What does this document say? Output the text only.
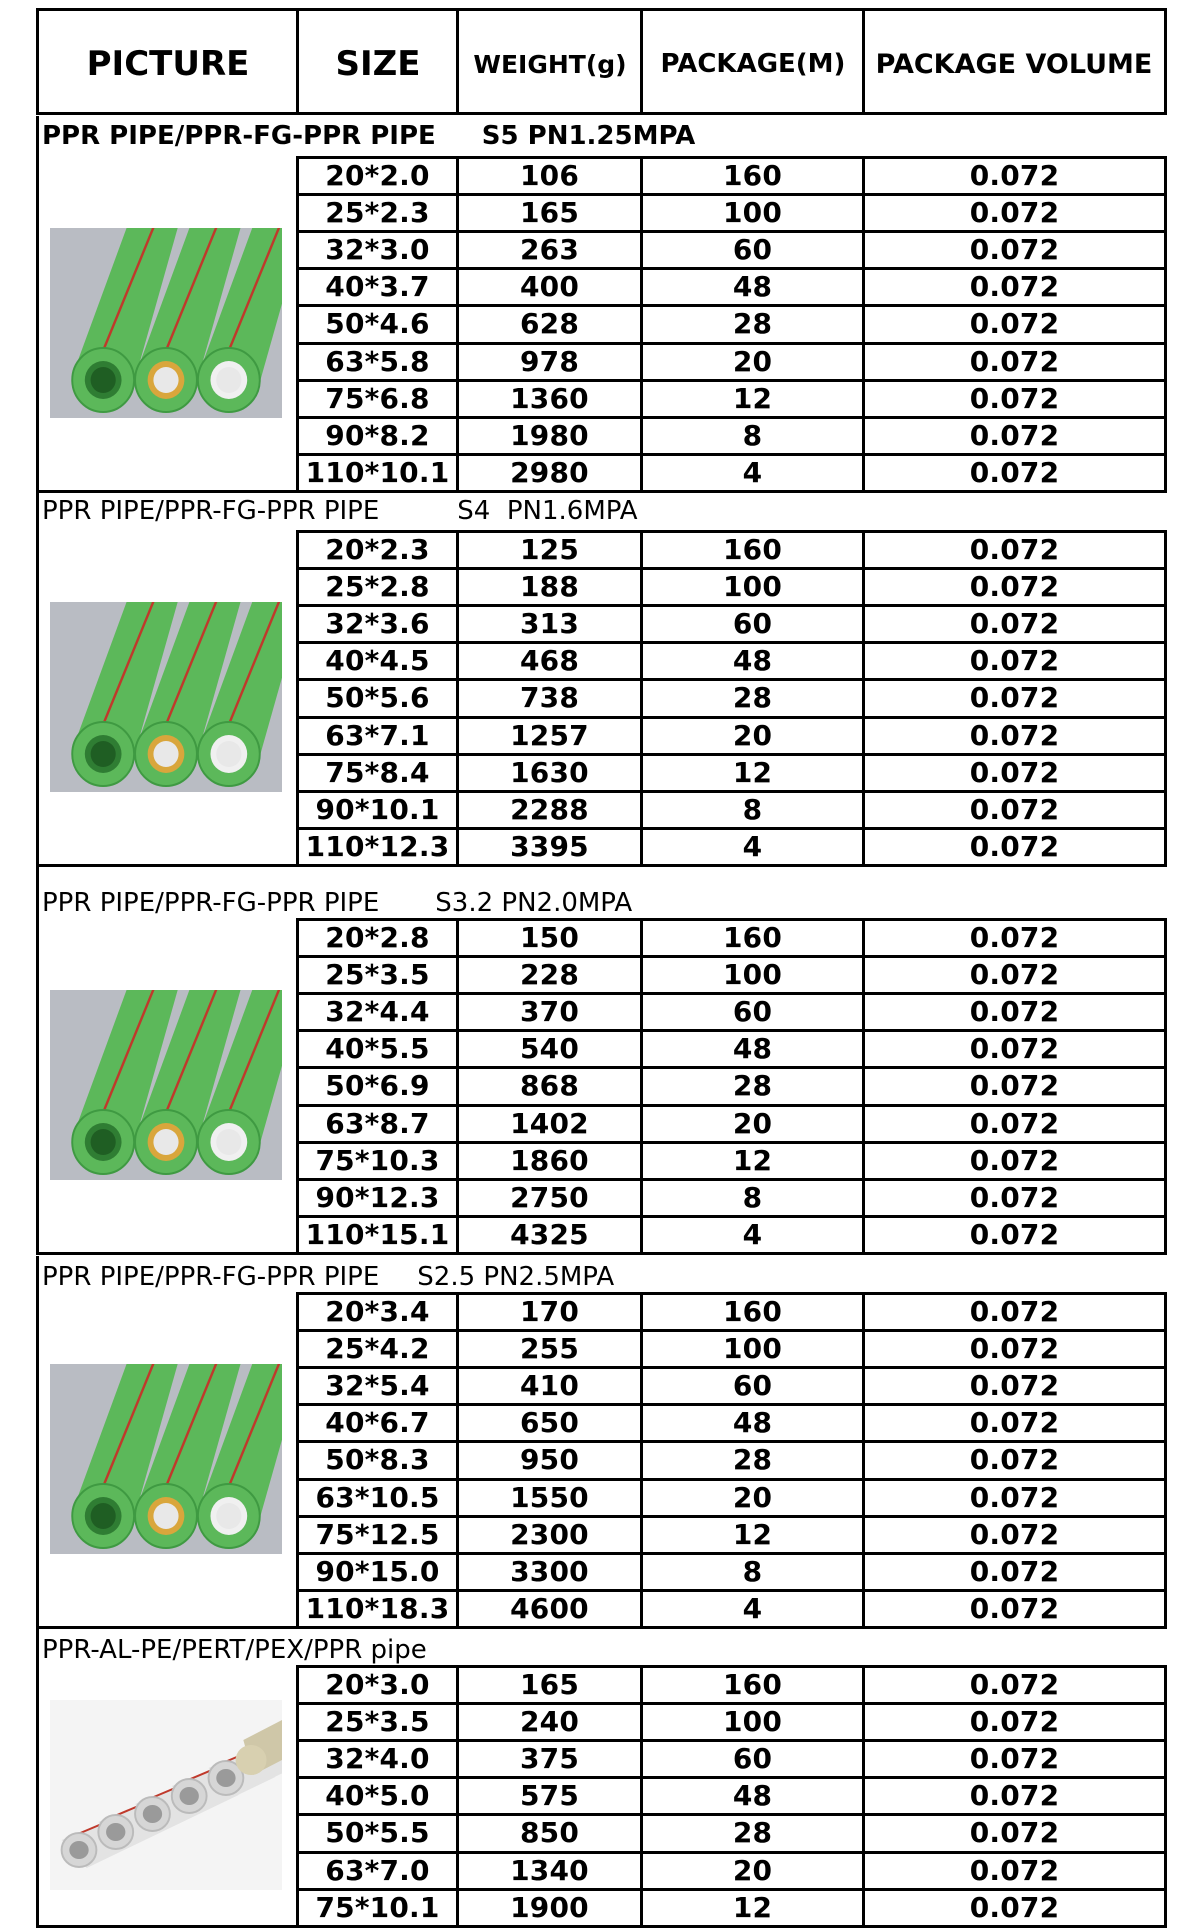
PICTURE	SIZE	WEIGHT(g)	PACKAGE(M)	PACKAGE VOLUME
PPR PIPE/PPR-FG-PPR PIPE S5 PN1.25MPA
20*2.0	106	160	0.072
25*2.3	165	100	0.072
32*3.0	263	60	0.072
40*3.7	400	48	0.072
50*4.6	628	28	0.072
63*5.8	978	20	0.072
75*6.8	1360	12	0.072
90*8.2	1980	8	0.072
110*10.1	2980	4	0.072
PPR PIPE/PPR-FG-PPR PIPE	S4  PN1.6MPA
20*2.3	125	160	0.072
25*2.8	188	100	0.072
32*3.6	313	60	0.072
40*4.5	468	48	0.072
50*5.6	738	28	0.072
63*7.1	1257	20	0.072
75*8.4	1630	12	0.072
90*10.1	2288	8	0.072
110*12.3	3395	4	0.072
PPR PIPE/PPR-FG-PPR PIPE S3.2 PN2.0MPA
20*2.8	150	160	0.072
25*3.5	228	100	0.072
32*4.4	370	60	0.072
40*5.5	540	48	0.072
50*6.9	868	28	0.072
63*8.7	1402	20	0.072
75*10.3	1860	12	0.072
90*12.3	2750	8	0.072
110*15.1	4325	4	0.072
PPR PIPE/PPR-FG-PPR PIPE S2.5 PN2.5MPA
20*3.4	170	160	0.072
25*4.2	255	100	0.072
32*5.4	410	60	0.072
40*6.7	650	48	0.072
50*8.3	950	28	0.072
63*10.5	1550	20	0.072
75*12.5	2300	12	0.072
90*15.0	3300	8	0.072
110*18.3	4600	4	0.072
PPR-AL-PE/PERT/PEX/PPR pipe
20*3.0	165	160	0.072
25*3.5	240	100	0.072
32*4.0	375	60	0.072
40*5.0	575	48	0.072
50*5.5	850	28	0.072
63*7.0	1340	20	0.072
75*10.1	1900	12	0.072
